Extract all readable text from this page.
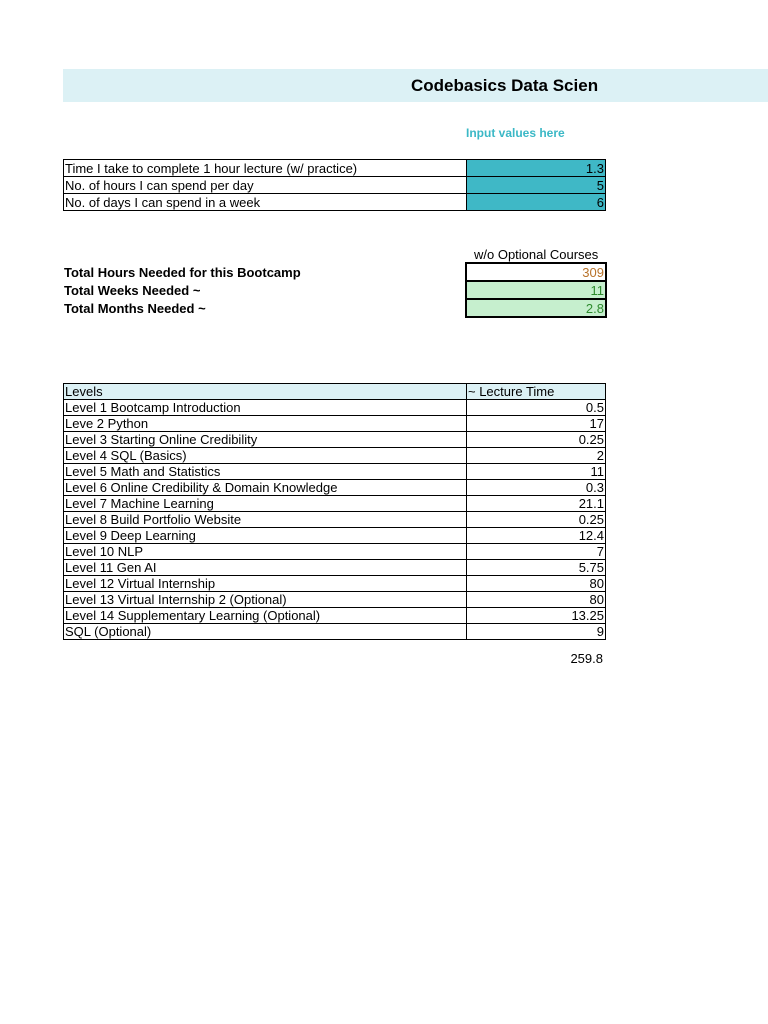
Codebasics Data Scien
Input values here
Time I take to complete 1 hour lecture (w/ practice)	1.3
No. of hours I can spend per day	5
No. of days I can spend in a week	6
w/o Optional Courses
Total Hours Needed for this Bootcamp	309
Total Weeks Needed ~	11
Total Months Needed ~	2.8
Levels	~ Lecture Time
Level 1 Bootcamp Introduction	0.5
Leve 2 Python	17
Level 3 Starting Online Credibility	0.25
Level 4 SQL (Basics)	2
Level 5 Math and Statistics	11
Level 6 Online Credibility & Domain Knowledge	0.3
Level 7 Machine Learning	21.1
Level 8 Build Portfolio Website	0.25
Level 9 Deep Learning	12.4
Level 10 NLP	7
Level 11 Gen AI	5.75
Level 12 Virtual Internship	80
Level 13 Virtual Internship 2 (Optional)	80
Level 14 Supplementary Learning (Optional)	13.25
SQL (Optional)	9
259.8
